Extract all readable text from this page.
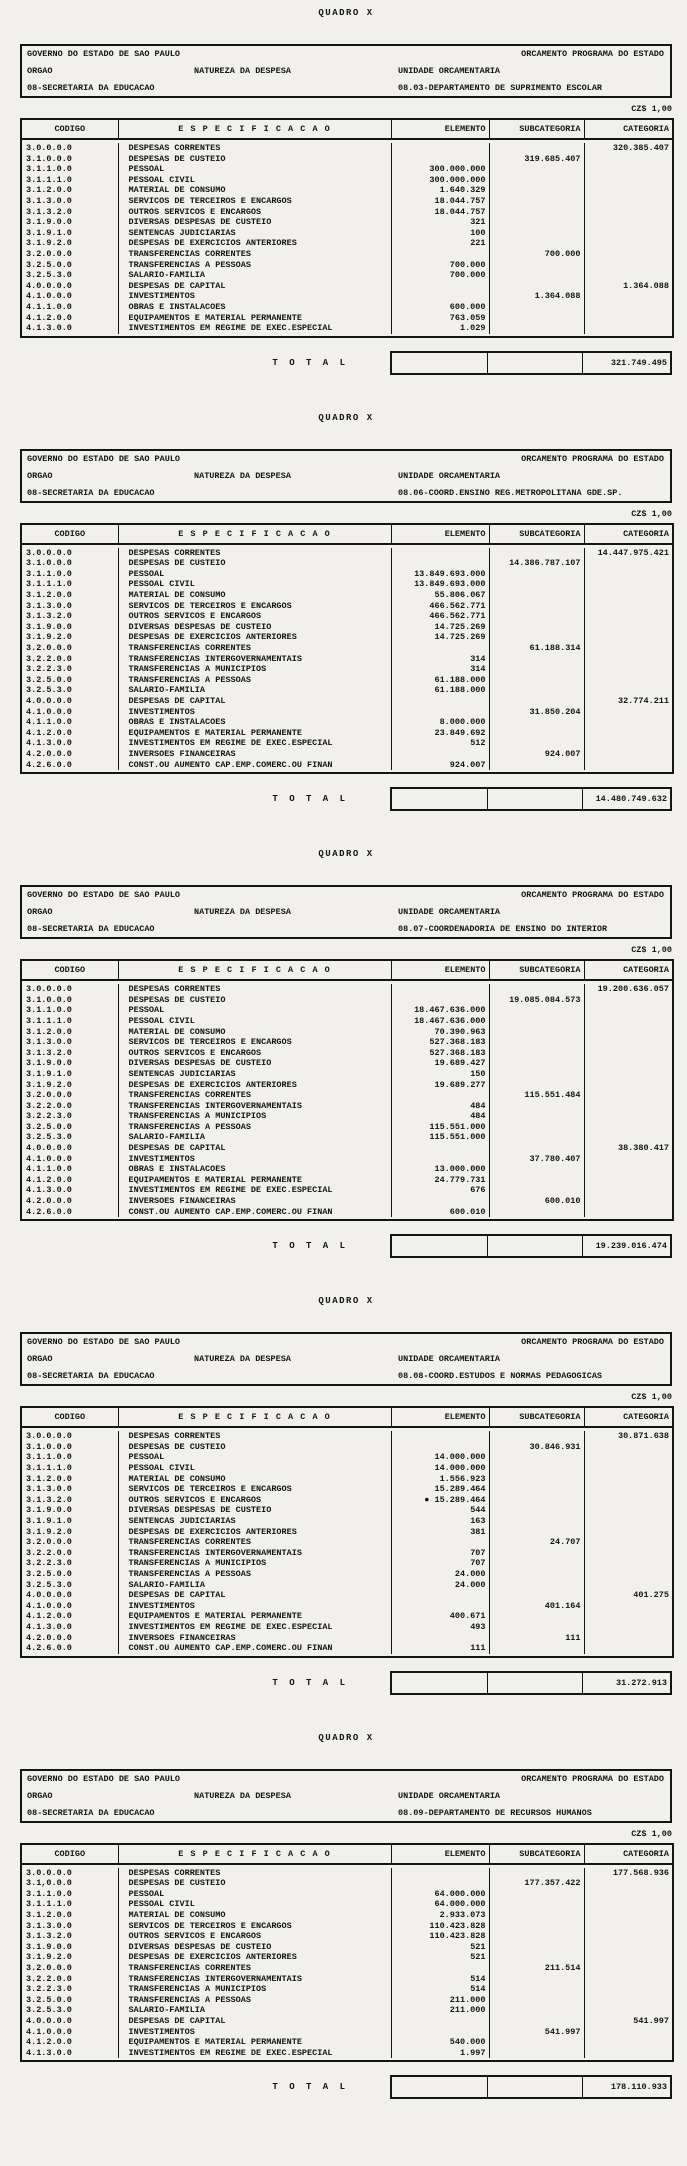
QUADRO X
GOVERNO DO ESTADO DE SAO PAULO	ORCAMENTO PROGRAMA DO ESTADO
ORGAO	NATUREZA DA DESPESA	UNIDADE ORCAMENTARIA
08-SECRETARIA DA EDUCACAO	08.03-DEPARTAMENTO DE SUPRIMENTO ESCOLAR
CZ$ 1,00
CODIGO	E S P E C I F I C A C A O	ELEMENTO	SUBCATEGORIA	CATEGORIA
3.0.0.0.0	DESPESAS CORRENTES			320.385.407
3.1.0.0.0	DESPESAS DE CUSTEIO		319.685.407	
3.1.1.0.0	PESSOAL	300.000.000		
3.1.1.1.0	PESSOAL CIVIL	300.000.000		
3.1.2.0.0	MATERIAL DE CONSUMO	1.640.329		
3.1.3.0.0	SERVICOS DE TERCEIROS E ENCARGOS	18.044.757		
3.1.3.2.0	OUTROS SERVICOS E ENCARGOS	18.044.757		
3.1.9.0.0	DIVERSAS DESPESAS DE CUSTEIO	321		
3.1.9.1.0	SENTENCAS JUDICIARIAS	100		
3.1.9.2.0	DESPESAS DE EXERCICIOS ANTERIORES	221		
3.2.0.0.0	TRANSFERENCIAS CORRENTES		700.000	
3.2.5.0.0	TRANSFERENCIAS A PESSOAS	700.000		
3.2.5.3.0	SALARIO-FAMILIA	700.000		
4.0.0.0.0	DESPESAS DE CAPITAL			1.364.088
4.1.0.0.0	INVESTIMENTOS		1.364.088	
4.1.1.0.0	OBRAS E INSTALACOES	600.000		
4.1.2.0.0	EQUIPAMENTOS E MATERIAL PERMANENTE	763.059		
4.1.3.0.0	INVESTIMENTOS EM REGIME DE EXEC.ESPECIAL	1.029		

T O T A L	321.749.495
QUADRO X
GOVERNO DO ESTADO DE SAO PAULO	ORCAMENTO PROGRAMA DO ESTADO
ORGAO	NATUREZA DA DESPESA	UNIDADE ORCAMENTARIA
08-SECRETARIA DA EDUCACAO	08.06-COORD.ENSINO REG.METROPOLITANA GDE.SP.
CZ$ 1,00
CODIGO	E S P E C I F I C A C A O	ELEMENTO	SUBCATEGORIA	CATEGORIA
3.0.0.0.0	DESPESAS CORRENTES			14.447.975.421
3.1.0.0.0	DESPESAS DE CUSTEIO		14.386.787.107	
3.1.1.0.0	PESSOAL	13.849.693.000		
3.1.1.1.0	PESSOAL CIVIL	13.849.693.000		
3.1.2.0.0	MATERIAL DE CONSUMO	55.806.067		
3.1.3.0.0	SERVICOS DE TERCEIROS E ENCARGOS	466.562.771		
3.1.3.2.0	OUTROS SERVICOS E ENCARGOS	466.562.771		
3.1.9.0.0	DIVERSAS DESPESAS DE CUSTEIO	14.725.269		
3.1.9.2.0	DESPESAS DE EXERCICIOS ANTERIORES	14.725.269		
3.2.0.0.0	TRANSFERENCIAS CORRENTES		61.188.314	
3.2.2.0.0	TRANSFERENCIAS INTERGOVERNAMENTAIS	314		
3.2.2.3.0	TRANSFERENCIAS A MUNICIPIOS	314		
3.2.5.0.0	TRANSFERENCIAS A PESSOAS	61.188.000		
3.2.5.3.0	SALARIO-FAMILIA	61.188.000		
4.0.0.0.0	DESPESAS DE CAPITAL			32.774.211
4.1.0.0.0	INVESTIMENTOS		31.850.204	
4.1.1.0.0	OBRAS E INSTALACOES	8.000.000		
4.1.2.0.0	EQUIPAMENTOS E MATERIAL PERMANENTE	23.849.692		
4.1.3.0.0	INVESTIMENTOS EM REGIME DE EXEC.ESPECIAL	512		
4.2.0.0.0	INVERSOES FINANCEIRAS		924.007	
4.2.6.0.0	CONST.OU AUMENTO CAP.EMP.COMERC.OU FINAN	924.007		

T O T A L	14.480.749.632
QUADRO X
GOVERNO DO ESTADO DE SAO PAULO	ORCAMENTO PROGRAMA DO ESTADO
ORGAO	NATUREZA DA DESPESA	UNIDADE ORCAMENTARIA
08-SECRETARIA DA EDUCACAO	08.07-COORDENADORIA DE ENSINO DO INTERIOR
CZ$ 1,00
CODIGO	E S P E C I F I C A C A O	ELEMENTO	SUBCATEGORIA	CATEGORIA
3.0.0.0.0	DESPESAS CORRENTES			19.200.636.057
3.1.0.0.0	DESPESAS DE CUSTEIO		19.085.084.573	
3.1.1.0.0	PESSOAL	18.467.636.000		
3.1.1.1.0	PESSOAL CIVIL	18.467.636.000		
3.1.2.0.0	MATERIAL DE CONSUMO	70.390.963		
3.1.3.0.0	SERVICOS DE TERCEIROS E ENCARGOS	527.368.183		
3.1.3.2.0	OUTROS SERVICOS E ENCARGOS	527.368.183		
3.1.9.0.0	DIVERSAS DESPESAS DE CUSTEIO	19.689.427		
3.1.9.1.0	SENTENCAS JUDICIARIAS	150		
3.1.9.2.0	DESPESAS DE EXERCICIOS ANTERIORES	19.689.277		
3.2.0.0.0	TRANSFERENCIAS CORRENTES		115.551.484	
3.2.2.0.0	TRANSFERENCIAS INTERGOVERNAMENTAIS	484		
3.2.2.3.0	TRANSFERENCIAS A MUNICIPIOS	484		
3.2.5.0.0	TRANSFERENCIAS A PESSOAS	115.551.000		
3.2.5.3.0	SALARIO-FAMILIA	115.551.000		
4.0.0.0.0	DESPESAS DE CAPITAL			38.380.417
4.1.0.0.0	INVESTIMENTOS		37.780.407	
4.1.1.0.0	OBRAS E INSTALACOES	13.000.000		
4.1.2.0.0	EQUIPAMENTOS E MATERIAL PERMANENTE	24.779.731		
4.1.3.0.0	INVESTIMENTOS EM REGIME DE EXEC.ESPECIAL	676		
4.2.0.0.0	INVERSOES FINANCEIRAS		600.010	
4.2.6.0.0	CONST.OU AUMENTO CAP.EMP.COMERC.OU FINAN	600.010		

T O T A L	19.239.016.474
QUADRO X
GOVERNO DO ESTADO DE SAO PAULO	ORCAMENTO PROGRAMA DO ESTADO
ORGAO	NATUREZA DA DESPESA	UNIDADE ORCAMENTARIA
08-SECRETARIA DA EDUCACAO	08.08-COORD.ESTUDOS E NORMAS PEDAGOGICAS
CZ$ 1,00
CODIGO	E S P E C I F I C A C A O	ELEMENTO	SUBCATEGORIA	CATEGORIA
3.0.0.0.0	DESPESAS CORRENTES			30.871.638
3.1.0.0.0	DESPESAS DE CUSTEIO		30.846.931	
3.1.1.0.0	PESSOAL	14.000.000		
3.1.1.1.0	PESSOAL CIVIL	14.000.000		
3.1.2.0.0	MATERIAL DE CONSUMO	1.556.923		
3.1.3.0.0	SERVICOS DE TERCEIROS E ENCARGOS	15.289.464		
3.1.3.2.0	OUTROS SERVICOS E ENCARGOS	● 15.289.464		
3.1.9.0.0	DIVERSAS DESPESAS DE CUSTEIO	544		
3.1.9.1.0	SENTENCAS JUDICIARIAS	163		
3.1.9.2.0	DESPESAS DE EXERCICIOS ANTERIORES	381		
3.2.0.0.0	TRANSFERENCIAS CORRENTES		24.707	
3.2.2.0.0	TRANSFERENCIAS INTERGOVERNAMENTAIS	707		
3.2.2.3.0	TRANSFERENCIAS A MUNICIPIOS	707		
3.2.5.0.0	TRANSFERENCIAS A PESSOAS	24.000		
3.2.5.3.0	SALARIO-FAMILIA	24.000		
4.0.0.0.0	DESPESAS DE CAPITAL			401.275
4.1.0.0.0	INVESTIMENTOS		401.164	
4.1.2.0.0	EQUIPAMENTOS E MATERIAL PERMANENTE	400.671		
4.1.3.0.0	INVESTIMENTOS EM REGIME DE EXEC.ESPECIAL	493		
4.2.0.0.0	INVERSOES FINANCEIRAS		111	
4.2.6.0.0	CONST.OU AUMENTO CAP.EMP.COMERC.OU FINAN	111		

T O T A L	31.272.913
QUADRO X
GOVERNO DO ESTADO DE SAO PAULO	ORCAMENTO PROGRAMA DO ESTADO
ORGAO	NATUREZA DA DESPESA	UNIDADE ORCAMENTARIA
08-SECRETARIA DA EDUCACAO	08.09-DEPARTAMENTO DE RECURSOS HUMANOS
CZ$ 1,00
CODIGO	E S P E C I F I C A C A O	ELEMENTO	SUBCATEGORIA	CATEGORIA
3.0.0.0.0	DESPESAS CORRENTES			177.568.936
3.1,0.0.0	DESPESAS DE CUSTEIO		177.357.422	
3.1.1.0.0	PESSOAL	64.000.000		
3.1.1.1.0	PESSOAL CIVIL	64.000.000		
3.1.2.0.0	MATERIAL DE CONSUMO	2.933.073		
3.1.3.0.0	SERVICOS DE TERCEIROS E ENCARGOS	110.423.828		
3.1.3.2.0	OUTROS SERVICOS E ENCARGOS	110.423.828		
3.1.9.0.0	DIVERSAS DESPESAS DE CUSTEIO	521		
3.1.9.2.0	DESPESAS DE EXERCICIOS ANTERIORES	521		
3.2.0.0.0	TRANSFERENCIAS CORRENTES		211.514	
3.2.2.0.0	TRANSFERENCIAS INTERGOVERNAMENTAIS	514		
3.2.2.3.0	TRANSFERENCIAS A MUNICIPIOS	514		
3.2.5.0.0	TRANSFERENCIAS A PESSOAS	211.000		
3.2.5.3.0	SALARIO-FAMILIA	211.000		
4.0.0.0.0	DESPESAS DE CAPITAL			541.997
4.1.0.0.0	INVESTIMENTOS		541.997	
4.1.2.0.0	EQUIPAMENTOS E MATERIAL PERMANENTE	540.000		
4.1.3.0.0	INVESTIMENTOS EM REGIME DE EXEC.ESPECIAL	1.997		

T O T A L	178.110.933
